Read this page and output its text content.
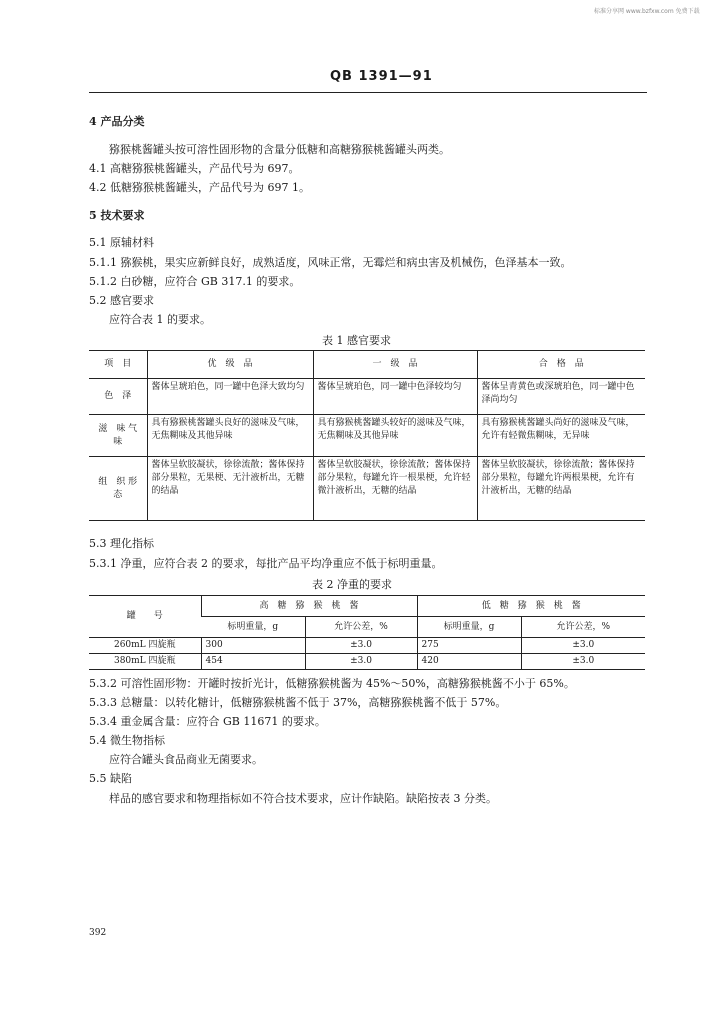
标准分享网 www.bzfxw.com 免费下载
QB 1391—91
4 产品分类
猕猴桃酱罐头按可溶性固形物的含量分低糖和高糖猕猴桃酱罐头两类。
4.1 高糖猕猴桃酱罐头，产品代号为 697。
4.2 低糖猕猴桃酱罐头，产品代号为 697 1。
5 技术要求
5.1 原辅材料
5.1.1 猕猴桃，果实应新鲜良好，成熟适度，风味正常，无霉烂和病虫害及机械伤，色泽基本一致。
5.1.2 白砂糖，应符合 GB 317.1 的要求。
5.2 感官要求
应符合表 1 的要求。
表 1 感官要求
项　目	优　级　品	一　级　品	合　格　品
色　泽	酱体呈琥珀色，同一罐中色泽大致均匀	酱体呈琥珀色，同一罐中色泽较均匀	酱体呈青黄色或深琥珀色，同一罐中色泽尚均匀
滋　味 气　味	具有猕猴桃酱罐头良好的滋味及气味，无焦糊味及其他异味	具有猕猴桃酱罐头较好的滋味及气味，无焦糊味及其他异味	具有猕猴桃酱罐头尚好的滋味及气味，允许有轻微焦糊味，无异味
组　织 形　态	酱体呈软胶凝状，徐徐流散；酱体保持部分果粒，无果梗、无汁液析出，无糖的结晶	酱体呈软胶凝状，徐徐流散；酱体保持部分果粒，每罐允许一根果梗，允许轻微汁液析出，无糖的结晶	酱体呈软胶凝状，徐徐流散；酱体保持部分果粒，每罐允许两根果梗，允许有汁液析出，无糖的结晶
5.3 理化指标
5.3.1 净重，应符合表 2 的要求，每批产品平均净重应不低于标明重量。
表 2 净重的要求
罐　　号	高　糖　猕　猴　桃　酱		低　糖　猕　猴　桃　酱	
	标明重量，g	允许公差，%	标明重量，g	允许公差，%
260mL 四旋瓶	300	±3.0	275	±3.0
380mL 四旋瓶	454	±3.0	420	±3.0
5.3.2 可溶性固形物：开罐时按折光计，低糖猕猴桃酱为 45%～50%，高糖猕猴桃酱不小于 65%。
5.3.3 总糖量：以转化糖计，低糖猕猴桃酱不低于 37%，高糖猕猴桃酱不低于 57%。
5.3.4 重金属含量：应符合 GB 11671 的要求。
5.4 微生物指标
应符合罐头食品商业无菌要求。
5.5 缺陷
样品的感官要求和物理指标如不符合技术要求，应计作缺陷。缺陷按表 3 分类。
392
